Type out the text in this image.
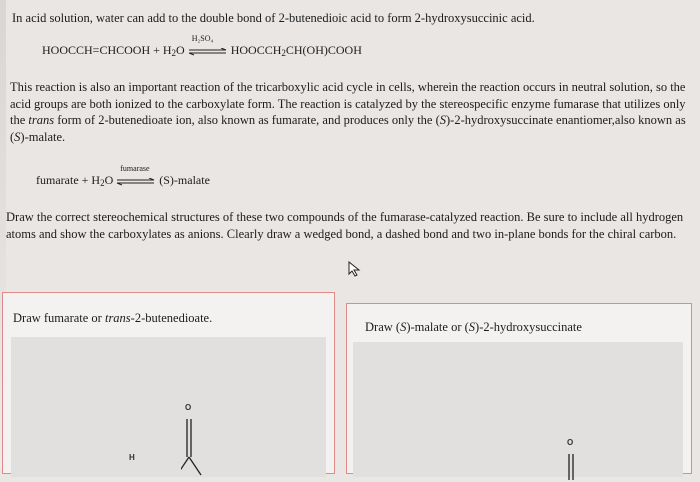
In acid solution, water can add to the double bond of 2-butenedioic acid to form 2-hydroxysuccinic acid.
HOOCCH=CHCOOH + $H_2O$
H₂SO₄
$HOOCCH_2CH(OH)COOH$
This reaction is also an important reaction of the tricarboxylic acid cycle in cells, wherein the reaction occurs in neutral solution, so the acid groups are both ionized to the carboxylate form. The reaction is catalyzed by the stereospecific enzyme fumarase that utilizes only the trans form of 2-butenedioate ion, also known as fumarate, and produces only the (S)-2-hydroxysuccinate enantiomer,also known as (S)-malate.
fumarate + $H_2O$
fumarase
(S)-malate
Draw the correct stereochemical structures of these two compounds of the fumarase-catalyzed reaction. Be sure to include all hydrogen atoms and show the carboxylates as anions. Clearly draw a wedged bond, a dashed bond and two in-plane bonds for the chiral carbon.
Draw fumarate or trans-2-butenedioate.
O
H
Draw (S)-malate or (S)-2-hydroxysuccinate
O
